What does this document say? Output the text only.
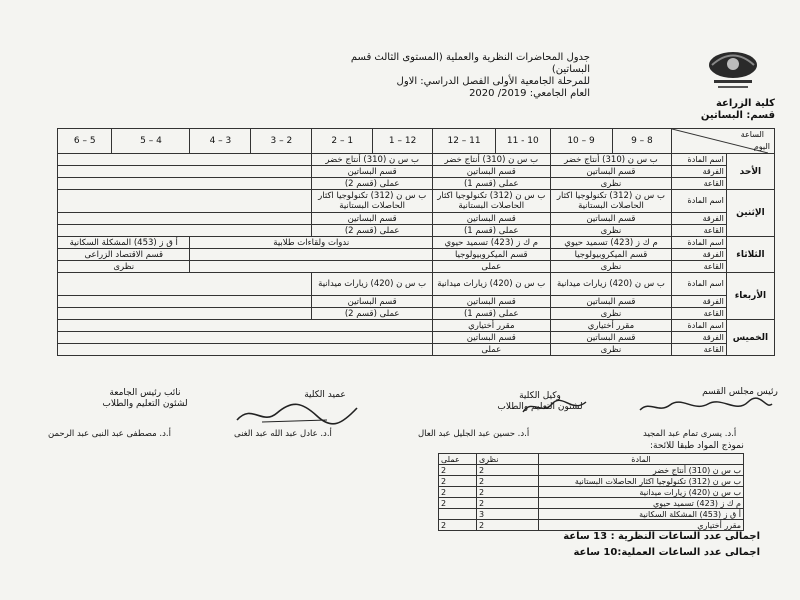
جدول المحاضرات النظرية والعملية (المستوى الثالث قسم البساتين)
للمرحلة الجامعية الأولى الفصل الدراسي: الاول
العام الجامعي: 2019/ 2020
كلية الزراعة
قسم: البساتين
6 – 5	5 – 4	4 – 3	3 – 2	2 – 1	1 – 12	12 – 11	11 - 10	10 – 9	9 – 8	الساعة
اليوم	

				ب س ن (310) أنتاج خضر		ب س ن (310) أنتاج خضر		ب س ن (310) أنتاج خضر		اسم المادة	الأحد
				قسم البساتين		قسم البساتين		قسم البساتين		الفرقة	
				عملى (قسم 2)		عملى (قسم 1)		نظرى		القاعة	
				ب س ن (312) تكنولوجيا اكثار الحاصلات البستانية		ب س ن (312) تكنولوجيا اكثار الحاصلات البستانية		ب س ن (312) تكنولوجيا اكثار الحاصلات البستانية		اسم المادة	الإثنين
				قسم البساتين		قسم البساتين		قسم البساتين		الفرقة	
				عملى (قسم 2)		عملى (قسم 1)		نظرى		القاعة	
أ ق ز (453) المشكلة السكانية		ندوات ولقاءات طلابية				م ك ز (423) تسميد حيوي		م ك ز (423) تسميد حيوي		اسم المادة	الثلاثاء
قسم الاقتصاد الزراعى						قسم الميكروبيولوجيا		قسم الميكروبيولوجيا		الفرقة	
نظرى						عملى		نظرى		القاعة	
				ب س ن (420) زيارات ميدانية		ب س ن (420) زيارات ميدانية		ب س ن (420) زيارات ميدانية		اسم المادة	الأربعاء
				قسم البساتين		قسم البساتين		قسم البساتين		الفرقة	
				عملى (قسم 2)		عملى (قسم 1)		نظرى		القاعة	
						مقرر أختياري		مقرر أختياري		اسم المادة	الخميس
						قسم البساتين		قسم البساتين		الفرقة	
						عملى		نظرى		القاعة	
نائب رئيس الجامعة
لشئون التعليم والطلاب
أ.د. مصطفى عبد النبى عبد الرحمن
عميد الكلية
أ.د. عادل عبد الله عبد الغنى
وكيل الكلية
لشئون التعليم والطلاب
أ.د. حسين عبد الجليل عبد العال
رئيس مجلس القسم
أ.د. يسرى تمام عبد المجيد
نموذج المواد طبقا للائحة:
عملى	نظرى	المادة
2	2	ب س ن (310) أنتاج خضر
2	2	ب س ن (312) تكنولوجيا اكثار الحاصلات البستانية
2	2	ب س ن (420) زيارات ميدانية
2	2	م ك ز (423) تسميد حيوي
	3	أ ق ز (453) المشكلة السكانية
2	2	مقرر أختياري
اجمالى عدد الساعات النظرية : 13 ساعة
اجمالى عدد الساعات العملية:10 ساعة
